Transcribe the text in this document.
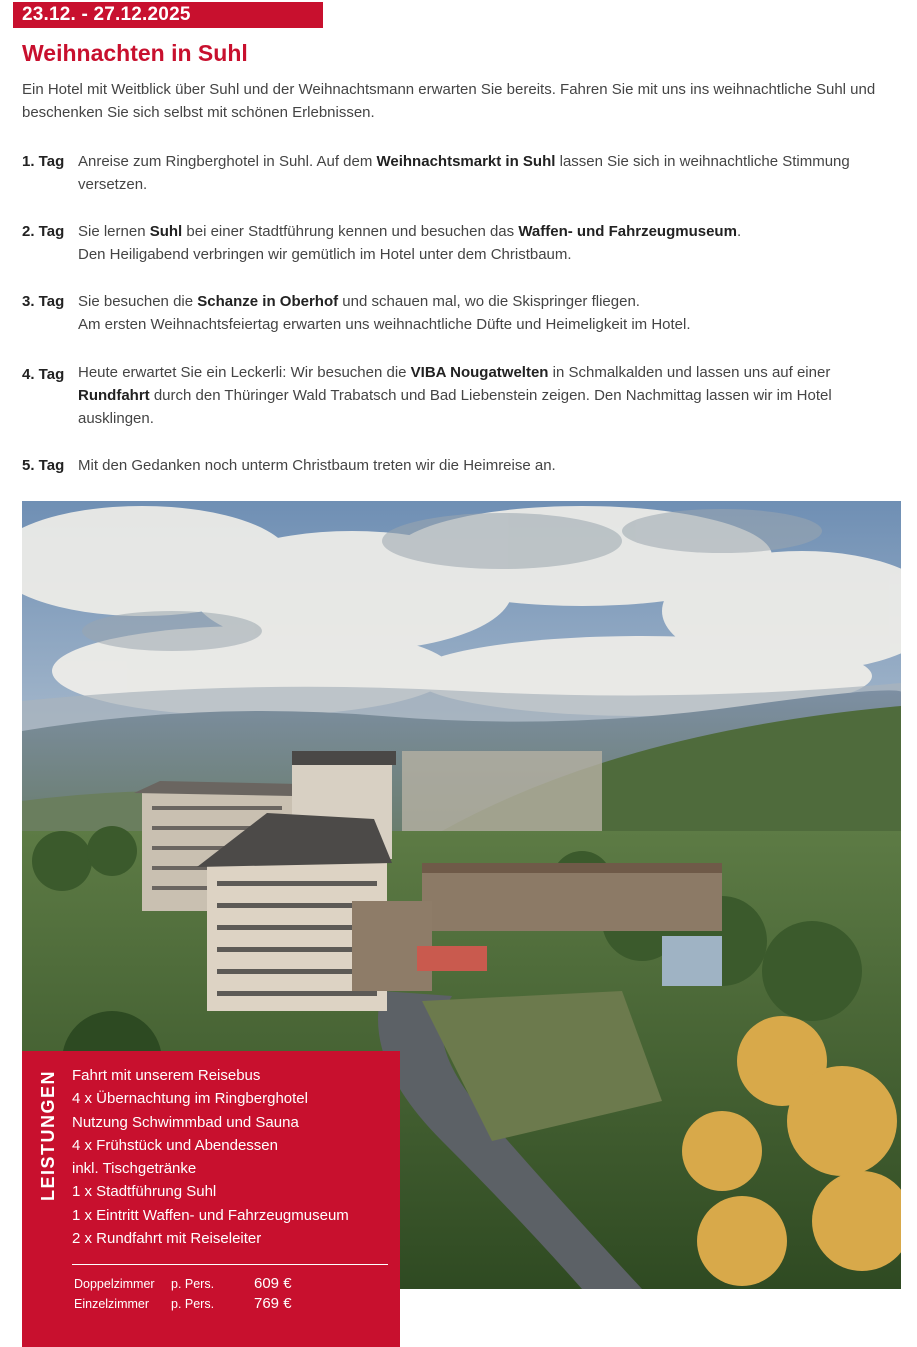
23.12. - 27.12.2025
Weihnachten in Suhl

Ein Hotel mit Weitblick über Suhl und der Weihnachtsmann erwarten Sie bereits. Fahren Sie mit uns ins weihnachtliche Suhl und beschenken Sie sich selbst mit schönen Erlebnissen.

1. Tag Anreise zum Ringberghotel in Suhl. Auf dem Weihnachtsmarkt in Suhl lassen Sie sich in weihnachtliche Stimmung versetzen.
2. Tag Sie lernen Suhl bei einer Stadtführung kennen und besuchen das Waffen- und Fahrzeugmuseum.
Den Heiligabend verbringen wir gemütlich im Hotel unter dem Christbaum.
3. Tag Sie besuchen die Schanze in Oberhof und schauen mal, wo die Skispringer fliegen.
Am ersten Weihnachtsfeiertag erwarten uns weihnachtliche Düfte und Heimeligkeit im Hotel.
4. Tag Heute erwartet Sie ein Leckerli: Wir besuchen die VIBA Nougatwelten in Schmalkalden und lassen uns auf einer Rundfahrt durch den Thüringer Wald Trabatsch und Bad Liebenstein zeigen. Den Nachmittag lassen wir im Hotel ausklingen.
5. Tag Mit den Gedanken noch unterm Christbaum treten wir die Heimreise an.
LEISTUNGEN Fahrt mit unserem Reisebus
4 x Übernachtung im Ringberghotel
Nutzung Schwimmbad und Sauna
4 x Frühstück und Abendessen
inkl. Tischgetränke
1 x Stadtführung Suhl
1 x Eintritt Waffen- und Fahrzeugmuseum
2 x Rundfahrt mit Reiseleiter
Doppelzimmer	p. Pers.	609 €
Einzelzimmer	p. Pers.	769 €
